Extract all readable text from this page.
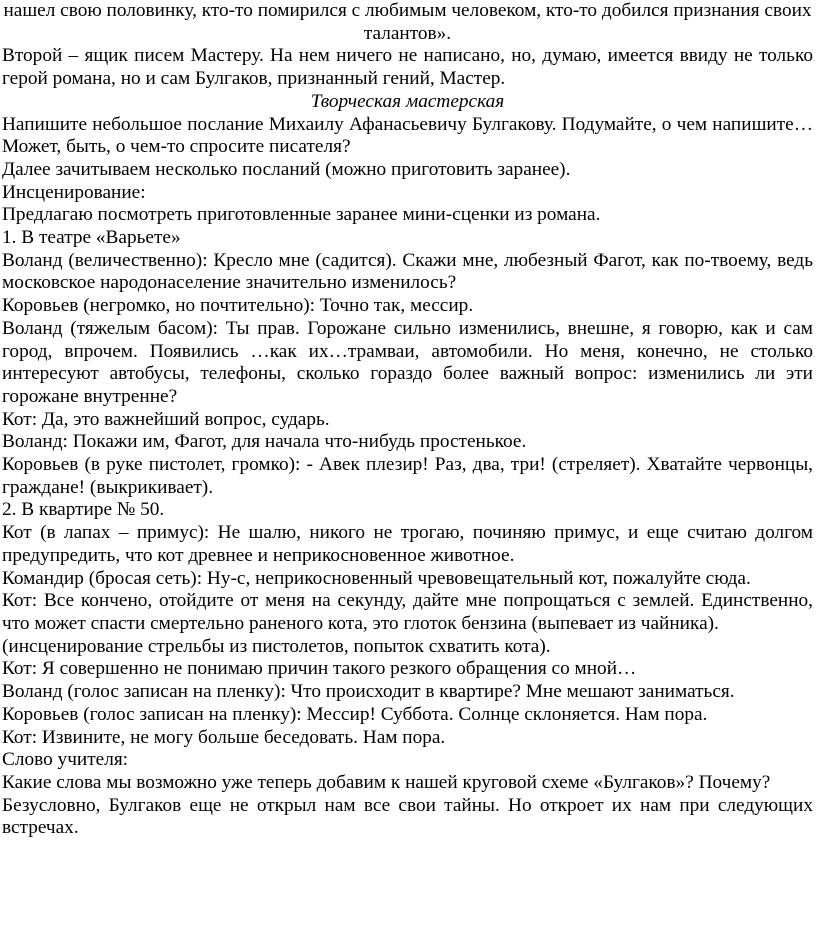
нашел свою половинку, кто-то помирился с любимым человеком, кто-то добился признания своих талантов».

Второй – ящик писем Мастеру. На нем ничего не написано, но, думаю, имеется ввиду не только герой романа, но и сам Булгаков, признанный гений, Мастер.

Творческая мастерская

Напишите небольшое послание Михаилу Афанасьевичу Булгакову. Подумайте, о чем напишите… Может, быть, о чем-то спросите писателя?

Далее зачитываем несколько посланий (можно приготовить заранее).

Инсценирование:

Предлагаю посмотреть приготовленные заранее мини-сценки из романа.

1. В театре «Варьете»

Воланд (величественно): Кресло мне (садится). Скажи мне, любезный Фагот, как по-твоему, ведь московское народонаселение значительно изменилось?

Коровьев (негромко, но почтительно): Точно так, мессир.

Воланд (тяжелым басом): Ты прав. Горожане сильно изменились, внешне, я говорю, как и сам город, впрочем. Появились …как их…трамваи, автомобили. Но меня, конечно, не столько интересуют автобусы, телефоны, сколько гораздо более важный вопрос: изменились ли эти горожане внутренне?

Кот: Да, это важнейший вопрос, сударь.

Воланд: Покажи им, Фагот, для начала что-нибудь простенькое.

Коровьев (в руке пистолет, громко): - Авек плезир! Раз, два, три! (стреляет). Хватайте червонцы, граждане! (выкрикивает).

2. В квартире № 50.

Кот (в лапах – примус): Не шалю, никого не трогаю, починяю примус, и еще считаю долгом предупредить, что кот древнее и неприкосновенное животное.

Командир (бросая сеть): Ну-с, неприкосновенный чревовещательный кот, пожалуйте сюда.

Кот: Все кончено, отойдите от меня на секунду, дайте мне попрощаться с землей. Единственно, что может спасти смертельно раненого кота, это глоток бензина (выпевает из чайника).

(инсценирование стрельбы из пистолетов, попыток схватить кота).

Кот: Я совершенно не понимаю причин такого резкого обращения со мной…

Воланд (голос записан на пленку): Что происходит в квартире? Мне мешают заниматься.

Коровьев (голос записан на пленку): Мессир! Суббота. Солнце склоняется. Нам пора.

Кот: Извините, не могу больше беседовать. Нам пора.

Слово учителя:

Какие слова мы возможно уже теперь добавим к нашей круговой схеме «Булгаков»? Почему?

Безусловно, Булгаков еще не открыл нам все свои тайны. Но откроет их нам при следующих встречах.
